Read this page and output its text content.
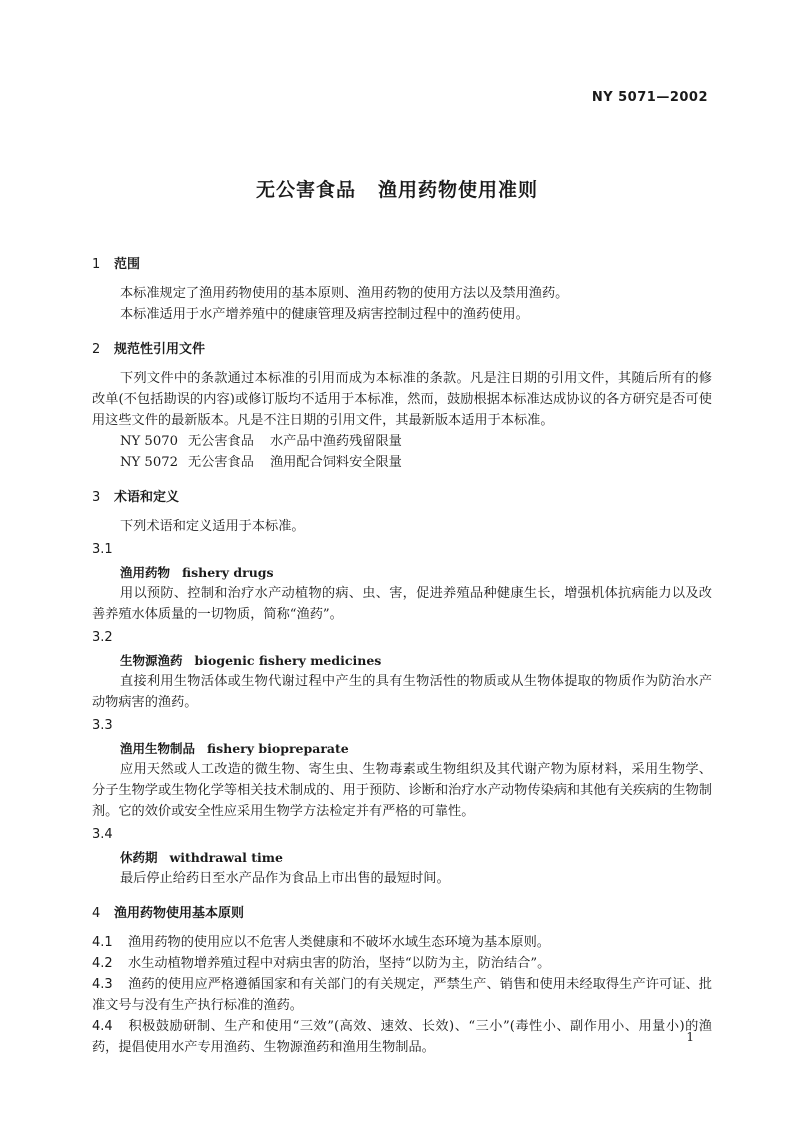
NY 5071—2002
无公害食品 渔用药物使用准则
1 范围

本标准规定了渔用药物使用的基本原则、渔用药物的使用方法以及禁用渔药。

本标准适用于水产增养殖中的健康管理及病害控制过程中的渔药使用。

2 规范性引用文件

下列文件中的条款通过本标准的引用而成为本标准的条款。凡是注日期的引用文件，其随后所有的修改单(不包括勘误的内容)或修订版均不适用于本标准，然而，鼓励根据本标准达成协议的各方研究是否可使用这些文件的最新版本。凡是不注日期的引用文件，其最新版本适用于本标准。

NY 5070 无公害食品 水产品中渔药残留限量
NY 5072 无公害食品 渔用配合饲料安全限量
3 术语和定义

下列术语和定义适用于本标准。

3.1
渔用药物 fishery drugs

用以预防、控制和治疗水产动植物的病、虫、害，促进养殖品种健康生长，增强机体抗病能力以及改善养殖水体质量的一切物质，简称“渔药”。

3.2
生物源渔药 biogenic fishery medicines

直接利用生物活体或生物代谢过程中产生的具有生物活性的物质或从生物体提取的物质作为防治水产动物病害的渔药。

3.3
渔用生物制品 fishery biopreparate

应用天然或人工改造的微生物、寄生虫、生物毒素或生物组织及其代谢产物为原材料，采用生物学、分子生物学或生物化学等相关技术制成的、用于预防、诊断和治疗水产动物传染病和其他有关疾病的生物制剂。它的效价或安全性应采用生物学方法检定并有严格的可靠性。

3.4
休药期 withdrawal time

最后停止给药日至水产品作为食品上市出售的最短时间。

4 渔用药物使用基本原则

4.1 渔用药物的使用应以不危害人类健康和不破坏水域生态环境为基本原则。

4.2 水生动植物增养殖过程中对病虫害的防治，坚持“以防为主，防治结合”。

4.3 渔药的使用应严格遵循国家和有关部门的有关规定，严禁生产、销售和使用未经取得生产许可证、批准文号与没有生产执行标准的渔药。

4.4 积极鼓励研制、生产和使用“三效”(高效、速效、长效)、“三小”(毒性小、副作用小、用量小)的渔药，提倡使用水产专用渔药、生物源渔药和渔用生物制品。

1
